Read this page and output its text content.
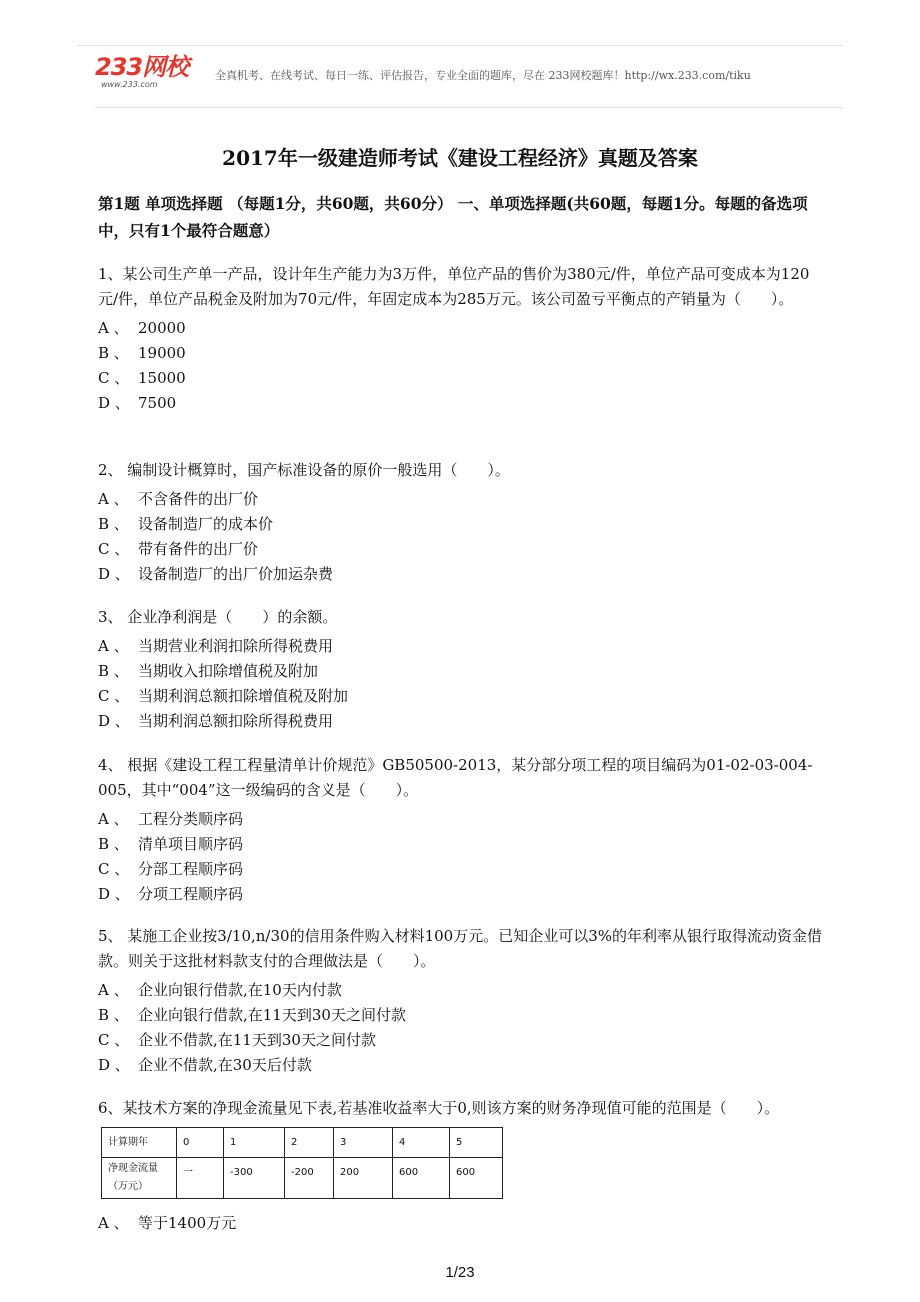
233网校
www.233.com
全真机考、在线考试、每日一练、评估报告，专业全面的题库，尽在 233网校题库！http://wx.233.com/tiku
2017年一级建造师考试《建设工程经济》真题及答案
第1题 单项选择题 （每题1分，共60题，共60分） 一、单项选择题(共60题，每题1分。每题的备选项中，只有1个最符合题意）

1、某公司生产单一产品，设计年生产能力为3万件，单位产品的售价为380元/件，单位产品可变成本为120元/件，单位产品税金及附加为70元/件，年固定成本为285万元。该公司盈亏平衡点的产销量为（　　）。

A 、 20000
B 、 19000
C 、 15000
D 、 7500

2、 编制设计概算时，国产标准设备的原价一般选用（　　）。

A 、 不含备件的出厂价
B 、 设备制造厂的成本价
C 、 带有备件的出厂价
D 、 设备制造厂的出厂价加运杂费

3、 企业净利润是（　　）的余额。

A 、 当期营业利润扣除所得税费用
B 、 当期收入扣除增值税及附加
C 、 当期利润总额扣除增值税及附加
D 、 当期利润总额扣除所得税费用

4、 根据《建设工程工程量清单计价规范》GB50500-2013，某分部分项工程的项目编码为01-02-03-004-005，其中“004”这一级编码的含义是（　　）。

A 、 工程分类顺序码
B 、 清单项目顺序码
C 、 分部工程顺序码
D 、 分项工程顺序码

5、 某施工企业按3/10,n/30的信用条件购入材料100万元。已知企业可以3%的年利率从银行取得流动资金借款。则关于这批材料款支付的合理做法是（　　）。

A 、 企业向银行借款,在10天内付款
B 、 企业向银行借款,在11天到30天之间付款
C 、 企业不借款,在11天到30天之间付款
D 、 企业不借款,在30天后付款

6、某技术方案的净现金流量见下表,若基准收益率大于0,则该方案的财务净现值可能的范围是（　　）。

计算期年	0	1	2	3	4	5
净现金流量（万元）	一	-300	-200	200	600	600
A 、 等于1400万元
1/23
